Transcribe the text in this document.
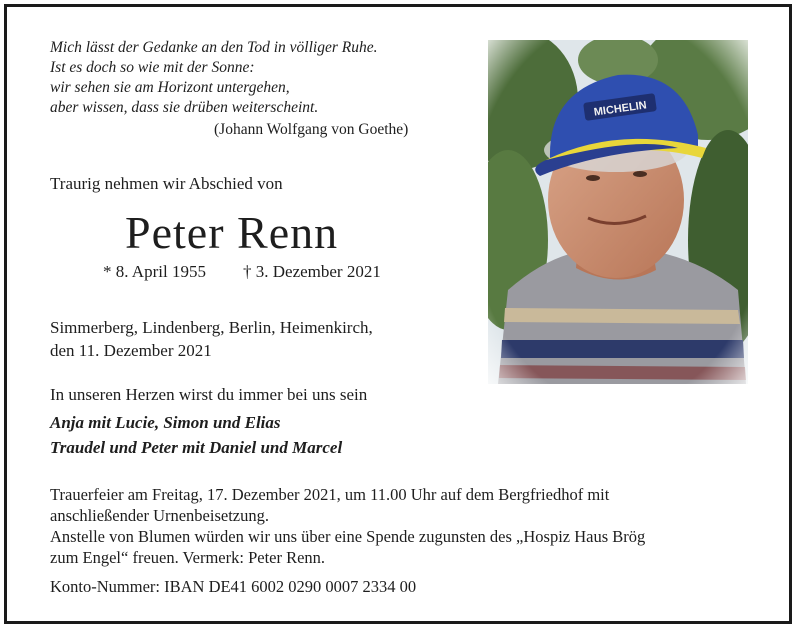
Mich lässt der Gedanke an den Tod in völliger Ruhe.
Ist es doch so wie mit der Sonne:
wir sehen sie am Horizont untergehen,
aber wissen, dass sie drüben weiterscheint.
(Johann Wolfgang von Goethe)
Traurig nehmen wir Abschied von
Peter Renn
* 8. April 1955 † 3. Dezember 2021
Simmerberg, Lindenberg, Berlin, Heimenkirch,
den 11. Dezember 2021
In unseren Herzen wirst du immer bei uns sein
Anja mit Lucie, Simon und Elias
Traudel und Peter mit Daniel und Marcel
Trauerfeier am Freitag, 17. Dezember 2021, um 11.00 Uhr auf dem Bergfriedhof mit
anschließender Urnenbeisetzung.
Anstelle von Blumen würden wir uns über eine Spende zugunsten des „Hospiz Haus Brög
zum Engel“ freuen. Vermerk: Peter Renn.
Konto-Nummer: IBAN DE41 6002 0290 0007 2334 00
